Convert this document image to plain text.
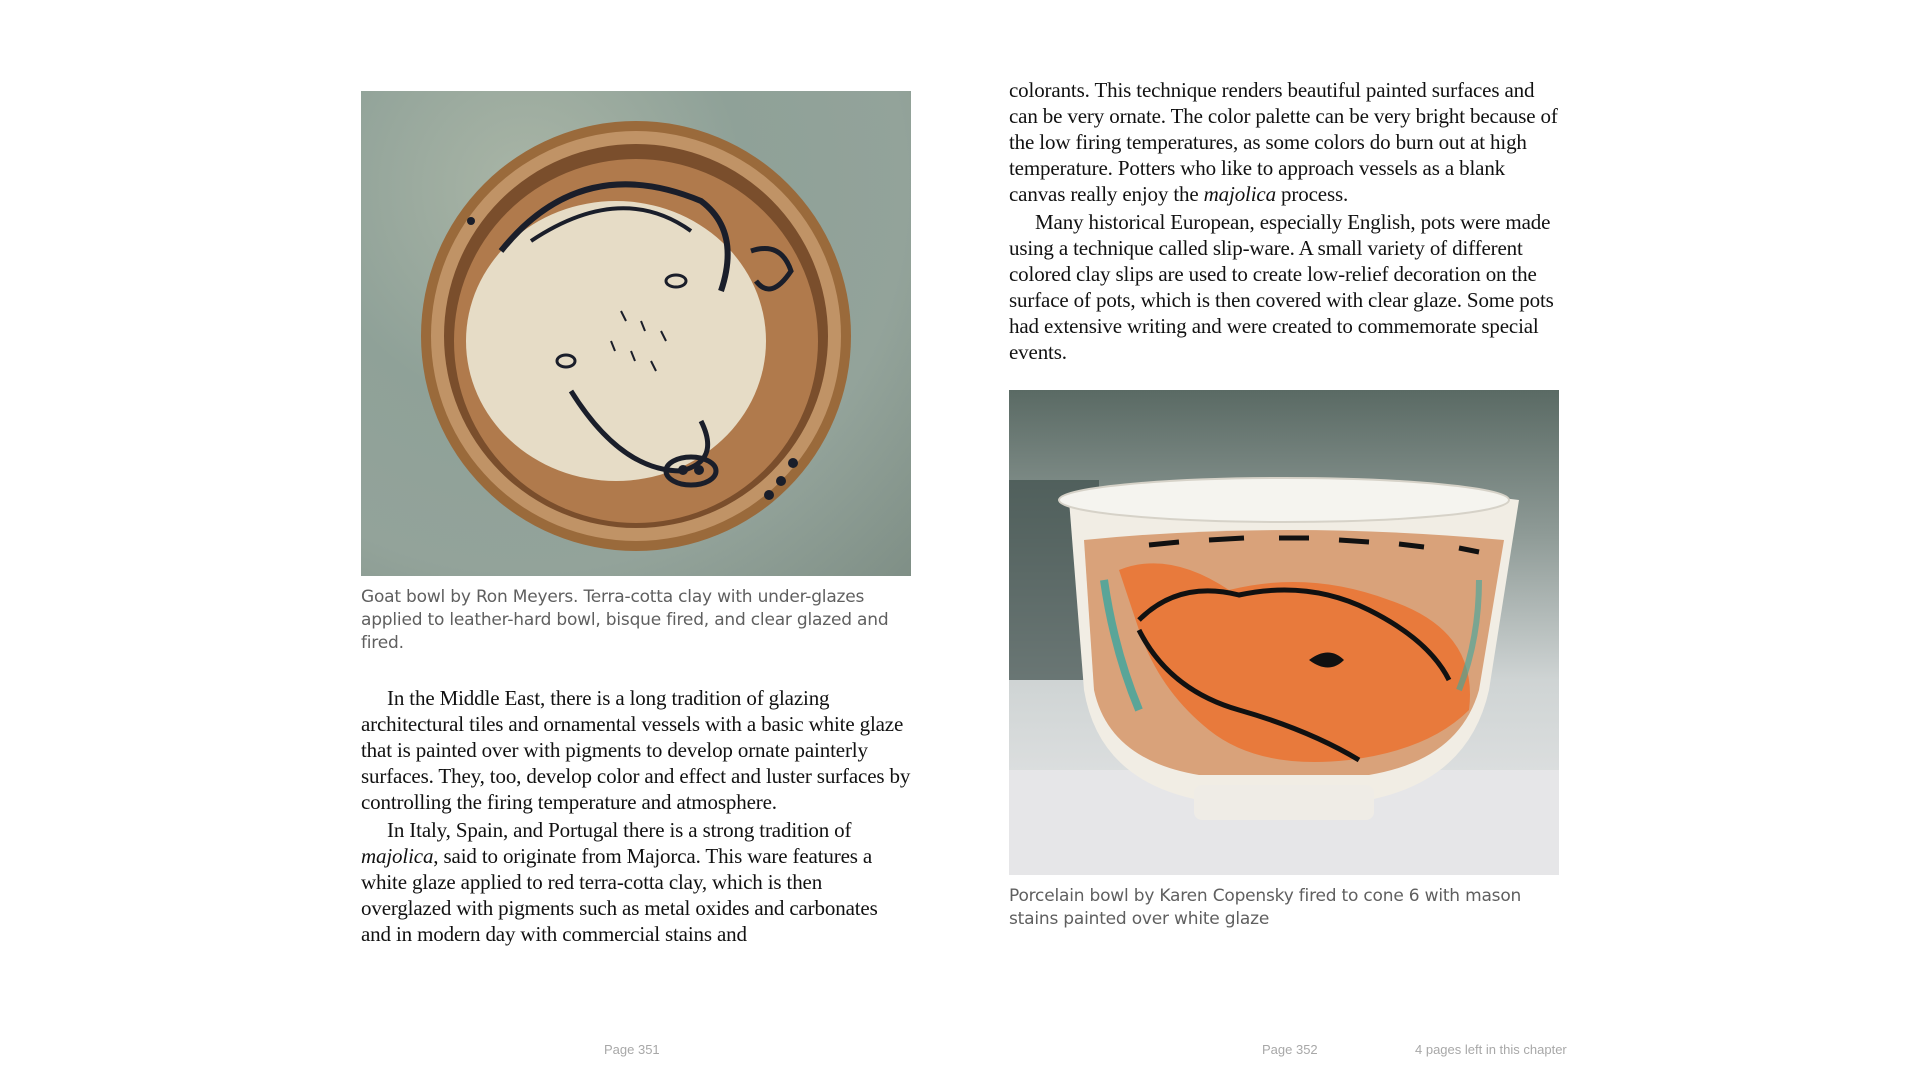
Goat bowl by Ron Meyers. Terra-cotta clay with under-glazes applied to leather-hard bowl, bisque fired, and clear glazed and fired.

In the Middle East, there is a long tradition of glazing architectural tiles and ornamental vessels with a basic white glaze that is painted over with pigments to develop ornate painterly surfaces. They, too, develop color and effect and luster surfaces by controlling the firing temperature and atmosphere.

In Italy, Spain, and Portugal there is a strong tradition of majolica, said to originate from Majorca. This ware features a white glaze applied to red terra-cotta clay, which is then overglazed with pigments such as metal oxides and carbonates and in modern day with commercial stains and

colorants. This technique renders beautiful painted surfaces and can be very ornate. The color palette can be very bright because of the low firing temperatures, as some colors do burn out at high temperature. Potters who like to approach vessels as a blank canvas really enjoy the majolica process.

Many historical European, especially English, pots were made using a technique called slip-ware. A small variety of different colored clay slips are used to create low-relief decoration on the surface of pots, which is then covered with clear glaze. Some pots had extensive writing and were created to commemorate special events.

Porcelain bowl by Karen Copensky fired to cone 6 with mason stains painted over white glaze
Page 351	Page 352	4 pages left in this chapter
